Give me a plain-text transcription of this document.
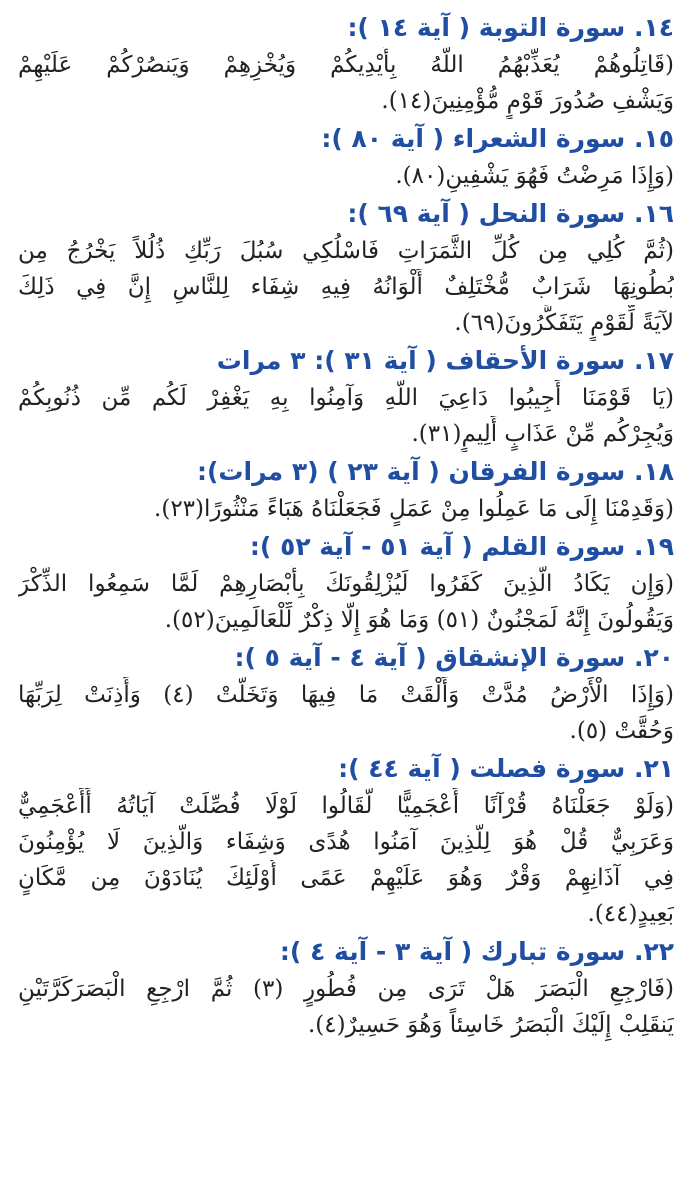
١٤. سورة التوبة ( آية ١٤ ):
(قَاتِلُوهُمْ يُعَذِّبْهُمُ اللَّهُ بِأَيْدِيكُمْ وَيُخْزِهِمْ وَيَنصُرْكُمْ عَلَيْهِمْ
وَيَشْفِ صُدُورَ قَوْمٍ مُّؤْمِنِينَ(١٤).
١٥. سورة الشعراء ( آية ٨٠ ):
(وَإِذَا مَرِضْتُ فَهُوَ يَشْفِينِ(٨٠).
١٦. سورة النحل ( آية ٦٩ ):
(ثُمَّ كُلِي مِن كُلِّ الثَّمَرَاتِ فَاسْلُكِي سُبُلَ رَبِّكِ ذُلُلاً يَخْرُجُ مِن
بُطُونِهَا شَرَابٌ مُّخْتَلِفٌ أَلْوَانُهُ فِيهِ شِفَاء لِلنَّاسِ إِنَّ فِي ذَلِكَ
لآيَةً لِّقَوْمٍ يَتَفَكَّرُونَ(٦٩).
١٧. سورة الأحقاف ( آية ٣١ ): ٣ مرات
(يَا قَوْمَنَا أَجِيبُوا دَاعِيَ اللَّهِ وَآمِنُوا بِهِ يَغْفِرْ لَكُم مِّن ذُنُوبِكُمْ
وَيُجِرْكُم مِّنْ عَذَابٍ أَلِيمٍ(٣١).
١٨. سورة الفرقان ( آية ٢٣ ) (٣ مرات):
(وَقَدِمْنَا إِلَى مَا عَمِلُوا مِنْ عَمَلٍ فَجَعَلْنَاهُ هَبَاءً مَنْثُورًا(٢٣).
١٩. سورة القلم ( آية ٥١ - آية ٥٢ ):
(وَإِن يَكَادُ الَّذِينَ كَفَرُوا لَيُزْلِقُونَكَ بِأَبْصَارِهِمْ لَمَّا سَمِعُوا الذِّكْرَ
وَيَقُولُونَ إِنَّهُ لَمَجْنُونٌ (٥١) وَمَا هُوَ إِلَّا ذِكْرٌ لِّلْعَالَمِينَ(٥٢).
٢٠. سورة الإنشقاق ( آية ٤ - آية ٥ ):
(وَإِذَا الْأَرْضُ مُدَّتْ وَأَلْقَتْ مَا فِيهَا وَتَخَلَّتْ (٤) وَأَذِنَتْ لِرَبِّهَا
وَحُقَّتْ (٥).
٢١. سورة فصلت ( آية ٤٤ ):
(وَلَوْ جَعَلْنَاهُ قُرْآنًا أَعْجَمِيًّا لَّقَالُوا لَوْلَا فُصِّلَتْ آيَاتُهُ أَأَعْجَمِيٌّ
وَعَرَبِيٌّ قُلْ هُوَ لِلَّذِينَ آمَنُوا هُدًى وَشِفَاء وَالَّذِينَ لَا يُؤْمِنُونَ
فِي آذَانِهِمْ وَقْرٌ وَهُوَ عَلَيْهِمْ عَمًى أُوْلَئِكَ يُنَادَوْنَ مِن مَّكَانٍ
بَعِيدٍ(٤٤).
٢٢. سورة تبارك ( آية ٣ - آية ٤ ):
(فَارْجِعِ الْبَصَرَ هَلْ تَرَى مِن فُطُورٍ (٣) ثُمَّ ارْجِعِ الْبَصَرَكَرَّتَيْنِ
يَنقَلِبْ إِلَيْكَ الْبَصَرُ خَاسِئاً وَهُوَ حَسِيرٌ(٤).
